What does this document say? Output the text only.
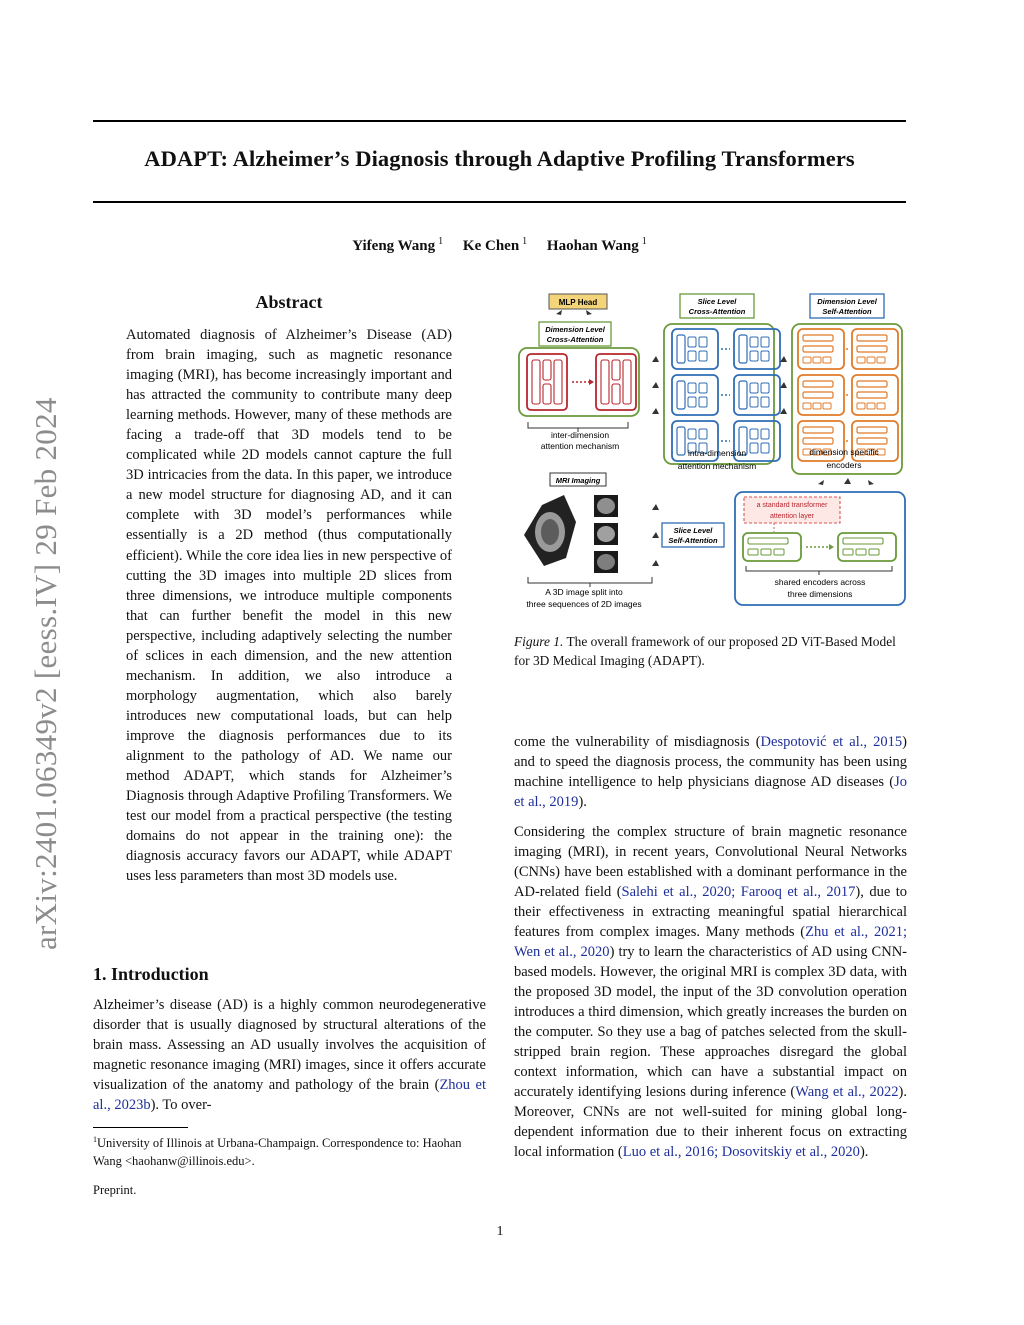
ADAPT: Alzheimer’s Diagnosis through Adaptive Profiling Transformers
Yifeng Wang $^1$ Ke Chen $^1$ Haohan Wang $^1$
arXiv:2401.06349v2 [eess.IV] 29 Feb 2024
Abstract
Automated diagnosis of Alzheimer’s Disease (AD) from brain imaging, such as magnetic resonance imaging (MRI), has become increasingly important and has attracted the community to contribute many deep learning methods. However, many of these methods are facing a trade-off that 3D models tend to be complicated while 2D models cannot capture the full 3D intricacies from the data. In this paper, we introduce a new model structure for diagnosing AD, and it can complete with 3D model’s performances while essentially is a 2D method (thus computationally efficient). While the core idea lies in new perspective of cutting the 3D images into multiple 2D slices from three dimensions, we introduce multiple components that can further benefit the model in this new perspective, including adaptively selecting the number of sclices in each dimension, and the new attention mechanism. In addition, we also introduce a morphology augmentation, which also barely introduces new computational loads, but can help improve the diagnosis performances due to its alignment to the pathology of AD. We name our method ADAPT, which stands for Alzheimer’s Diagnosis through Adaptive Profiling Transformers. We test our model from a practical perspective (the testing domains do not appear in the training one): the diagnosis accuracy favors our ADAPT, while ADAPT uses less parameters than most 3D models use.
1. Introduction
Alzheimer’s disease (AD) is a highly common neurodegenerative disorder that is usually diagnosed by structural alterations of the brain mass. Assessing an AD usually involves the acquisition of magnetic resonance imaging (MRI) images, since it offers accurate visualization of the anatomy and pathology of the brain (Zhou et al., 2023b). To over-
$^1$University of Illinois at Urbana-Champaign. Correspondence to: Haohan Wang <haohanw@illinois.edu>.
Preprint.
MLP Head
Dimension Level
Cross-Attention
inter-dimension
attention mechanism
Slice Level
Cross-Attention
intra-dimension
attention mechanism
Dimension Level
Self-Attention
dimension specific
encoders
MRI Imaging
A 3D image split into
three sequences of 2D images
Slice Level
Self-Attention
a standard transformer
attention layer
shared encoders across
three dimensions
Figure 1. The overall framework of our proposed 2D ViT-Based Model for 3D Medical Imaging (ADAPT).
come the vulnerability of misdiagnosis (Despotović et al., 2015) and to speed the diagnosis process, the community has been using machine intelligence to help physicians diagnose AD diseases (Jo et al., 2019).
Considering the complex structure of brain magnetic resonance imaging (MRI), in recent years, Convolutional Neural Networks (CNNs) have been established with a dominant performance in the AD-related field (Salehi et al., 2020; Farooq et al., 2017), due to their effectiveness in extracting meaningful spatial hierarchical features from complex images. Many methods (Zhu et al., 2021; Wen et al., 2020) try to learn the characteristics of AD using CNN-based models. However, the original MRI is complex 3D data, with the proposed 3D model, the input of the 3D convolution operation introduces a third dimension, which greatly increases the burden on the computer. So they use a bag of patches selected from the skull-stripped brain region. These approaches disregard the global context information, which can have a substantial impact on accurately identifying lesions during inference (Wang et al., 2022). Moreover, CNNs are not well-suited for mining global long-dependent information due to their inherent focus on extracting local information (Luo et al., 2016; Dosovitskiy et al., 2020).
1
